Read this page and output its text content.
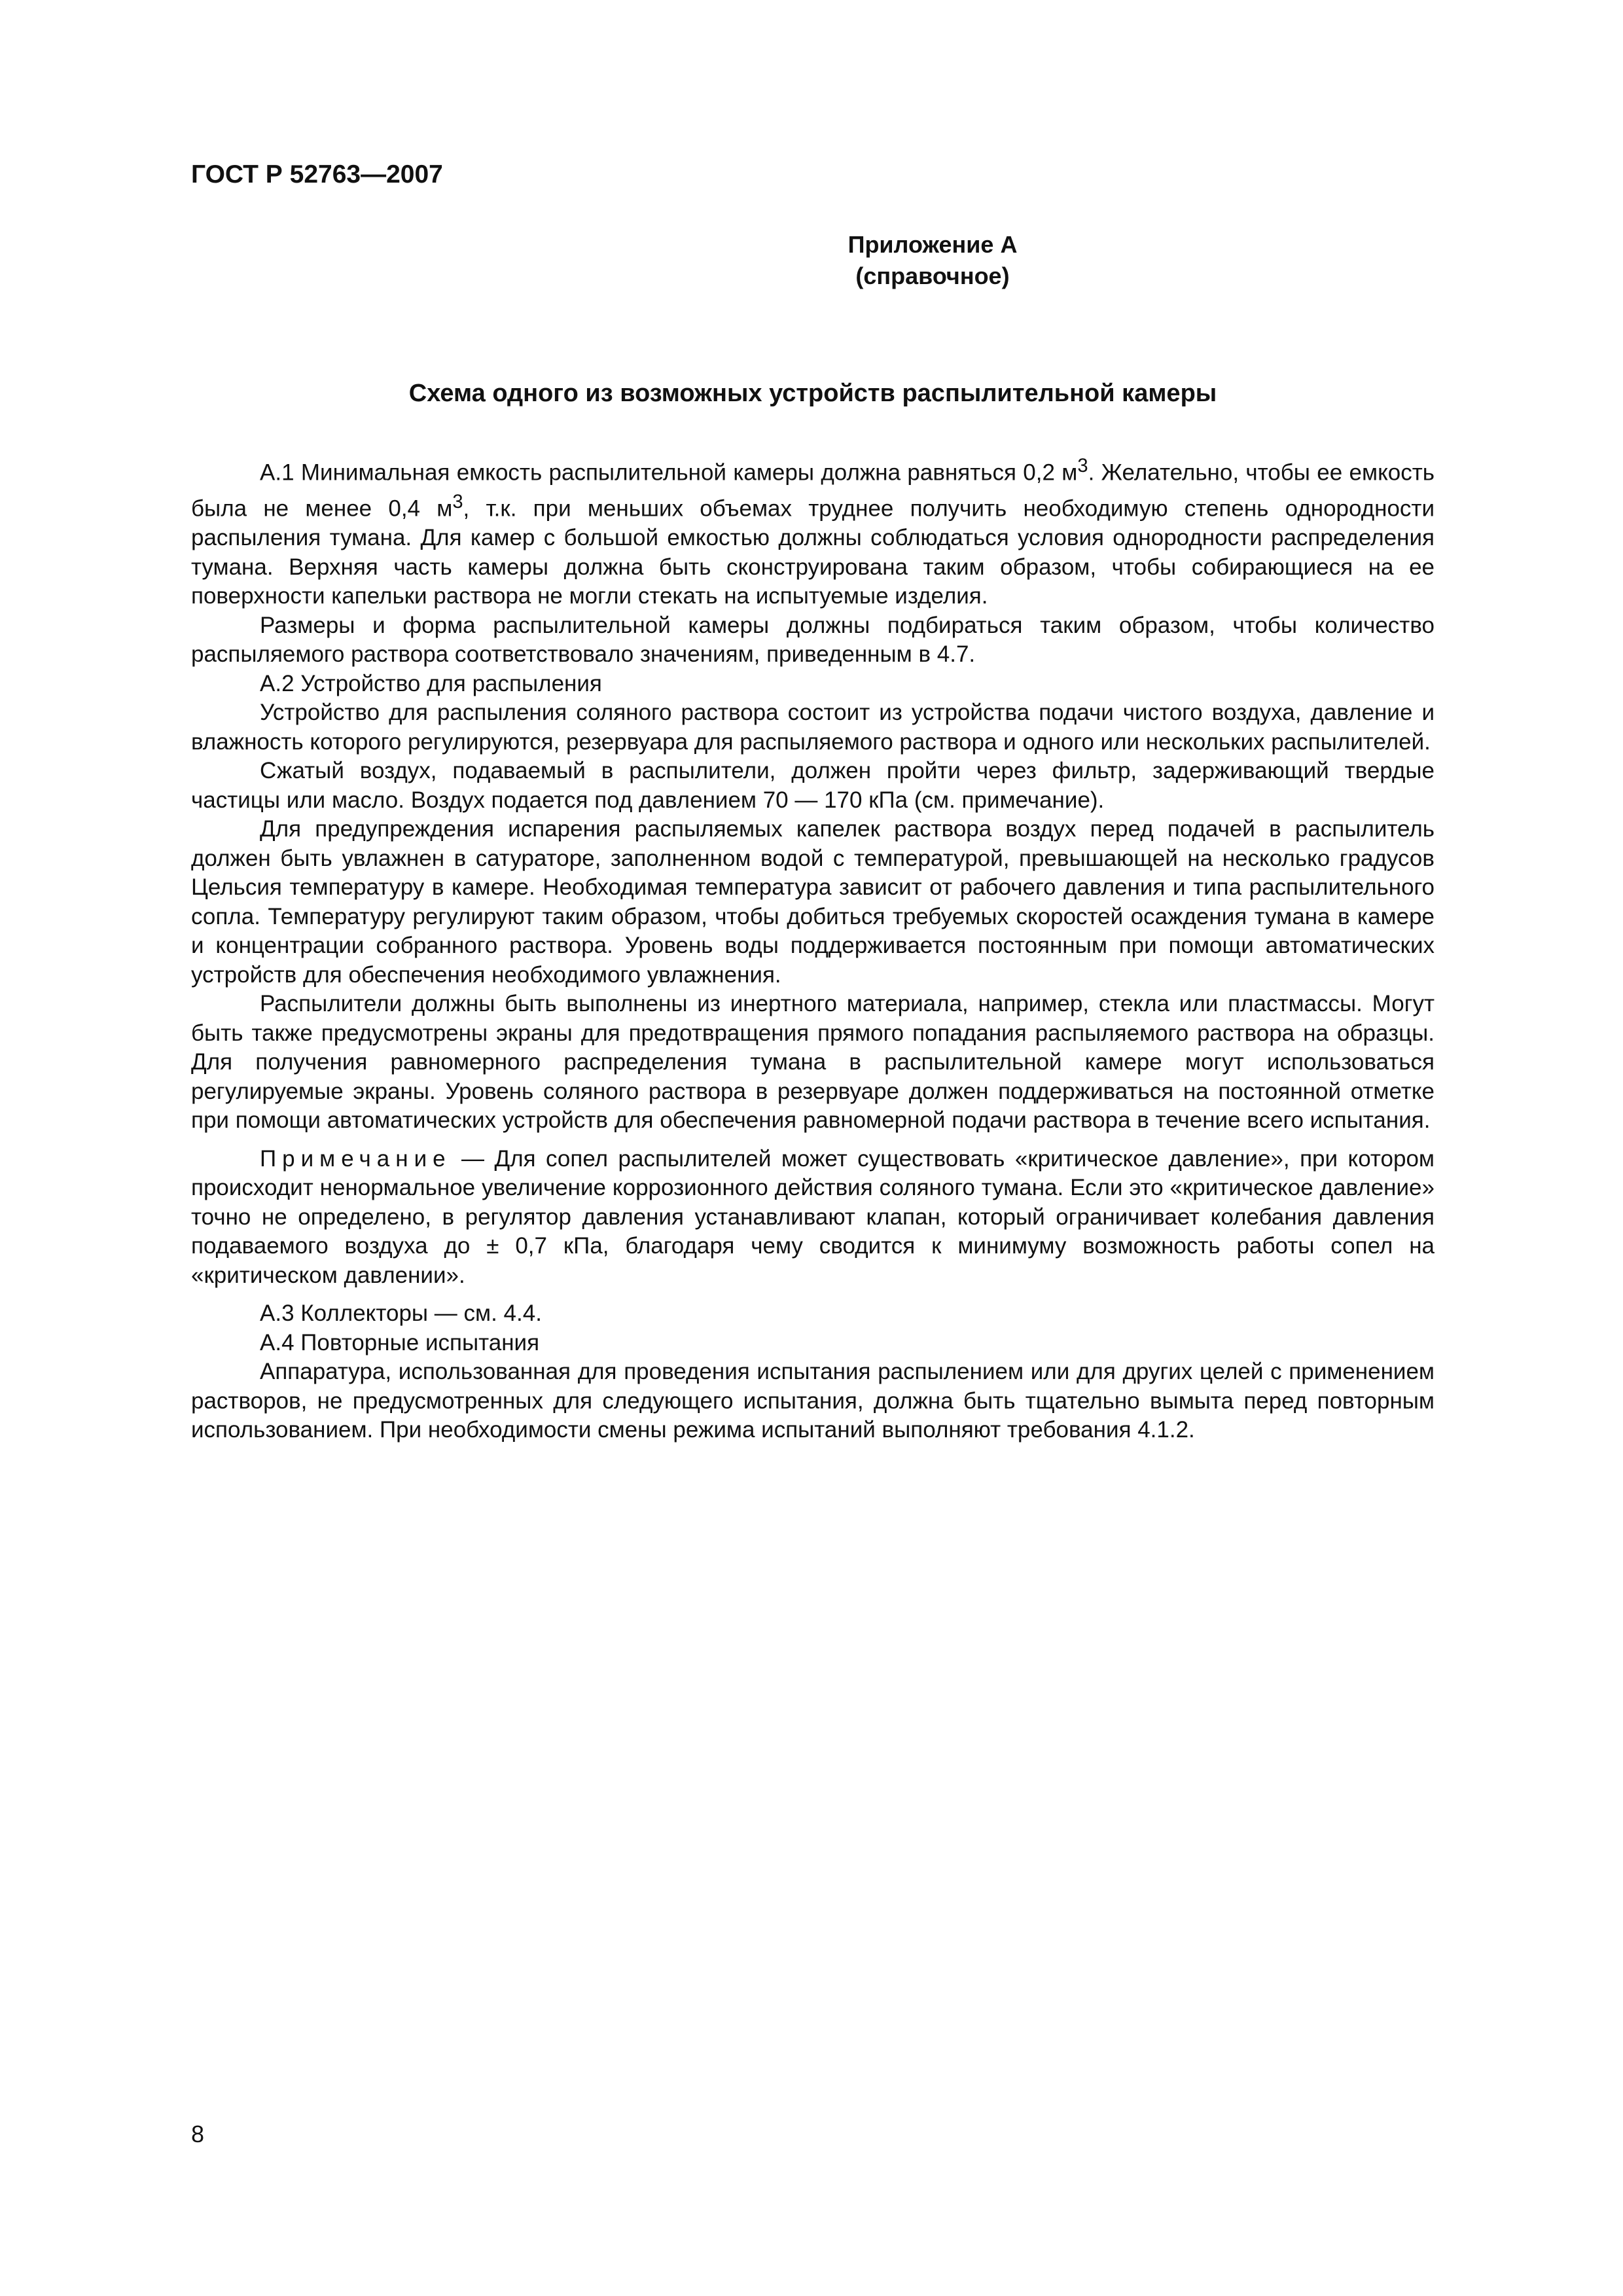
ГОСТ Р 52763—2007
Приложение А
(справочное)
Схема одного из возможных устройств распылительной камеры

А.1 Минимальная емкость распылительной камеры должна равняться 0,2 $м^3$. Желательно, чтобы ее емкость была не менее 0,4 $м^3$, т.к. при меньших объемах труднее получить необходимую степень однородности распыления тумана. Для камер с большой емкостью должны соблюдаться условия однородности распределения тумана. Верхняя часть камеры должна быть сконструирована таким образом, чтобы собирающиеся на ее поверхности капельки раствора не могли стекать на испытуемые изделия.

Размеры и форма распылительной камеры должны подбираться таким образом, чтобы количество распыляемого раствора соответствовало значениям, приведенным в 4.7.

А.2 Устройство для распыления

Устройство для распыления соляного раствора состоит из устройства подачи чистого воздуха, давление и влажность которого регулируются, резервуара для распыляемого раствора и одного или нескольких распылителей.

Сжатый воздух, подаваемый в распылители, должен пройти через фильтр, задерживающий твердые частицы или масло. Воздух подается под давлением 70 — 170 кПа (см. примечание).

Для предупреждения испарения распыляемых капелек раствора воздух перед подачей в распылитель должен быть увлажнен в сатураторе, заполненном водой с температурой, превышающей на несколько градусов Цельсия температуру в камере. Необходимая температура зависит от рабочего давления и типа распылительного сопла. Температуру регулируют таким образом, чтобы добиться требуемых скоростей осаждения тумана в камере и концентрации собранного раствора. Уровень воды поддерживается постоянным при помощи автоматических устройств для обеспечения необходимого увлажнения.

Распылители должны быть выполнены из инертного материала, например, стекла или пластмассы. Могут быть также предусмотрены экраны для предотвращения прямого попадания распыляемого раствора на образцы. Для получения равномерного распределения тумана в распылительной камере могут использоваться регулируемые экраны. Уровень соляного раствора в резервуаре должен поддерживаться на постоянной отметке при помощи автоматических устройств для обеспечения равномерной подачи раствора в течение всего испытания.

Примечание — Для сопел распылителей может существовать «критическое давление», при котором происходит ненормальное увеличение коррозионного действия соляного тумана. Если это «критическое давление» точно не определено, в регулятор давления устанавливают клапан, который ограничивает колебания давления подаваемого воздуха до ± 0,7 кПа, благодаря чему сводится к минимуму возможность работы сопел на «критическом давлении».

А.3 Коллекторы — см. 4.4.

А.4 Повторные испытания

Аппаратура, использованная для проведения испытания распылением или для других целей с применением растворов, не предусмотренных для следующего испытания, должна быть тщательно вымыта перед повторным использованием. При необходимости смены режима испытаний выполняют требования 4.1.2.

8
